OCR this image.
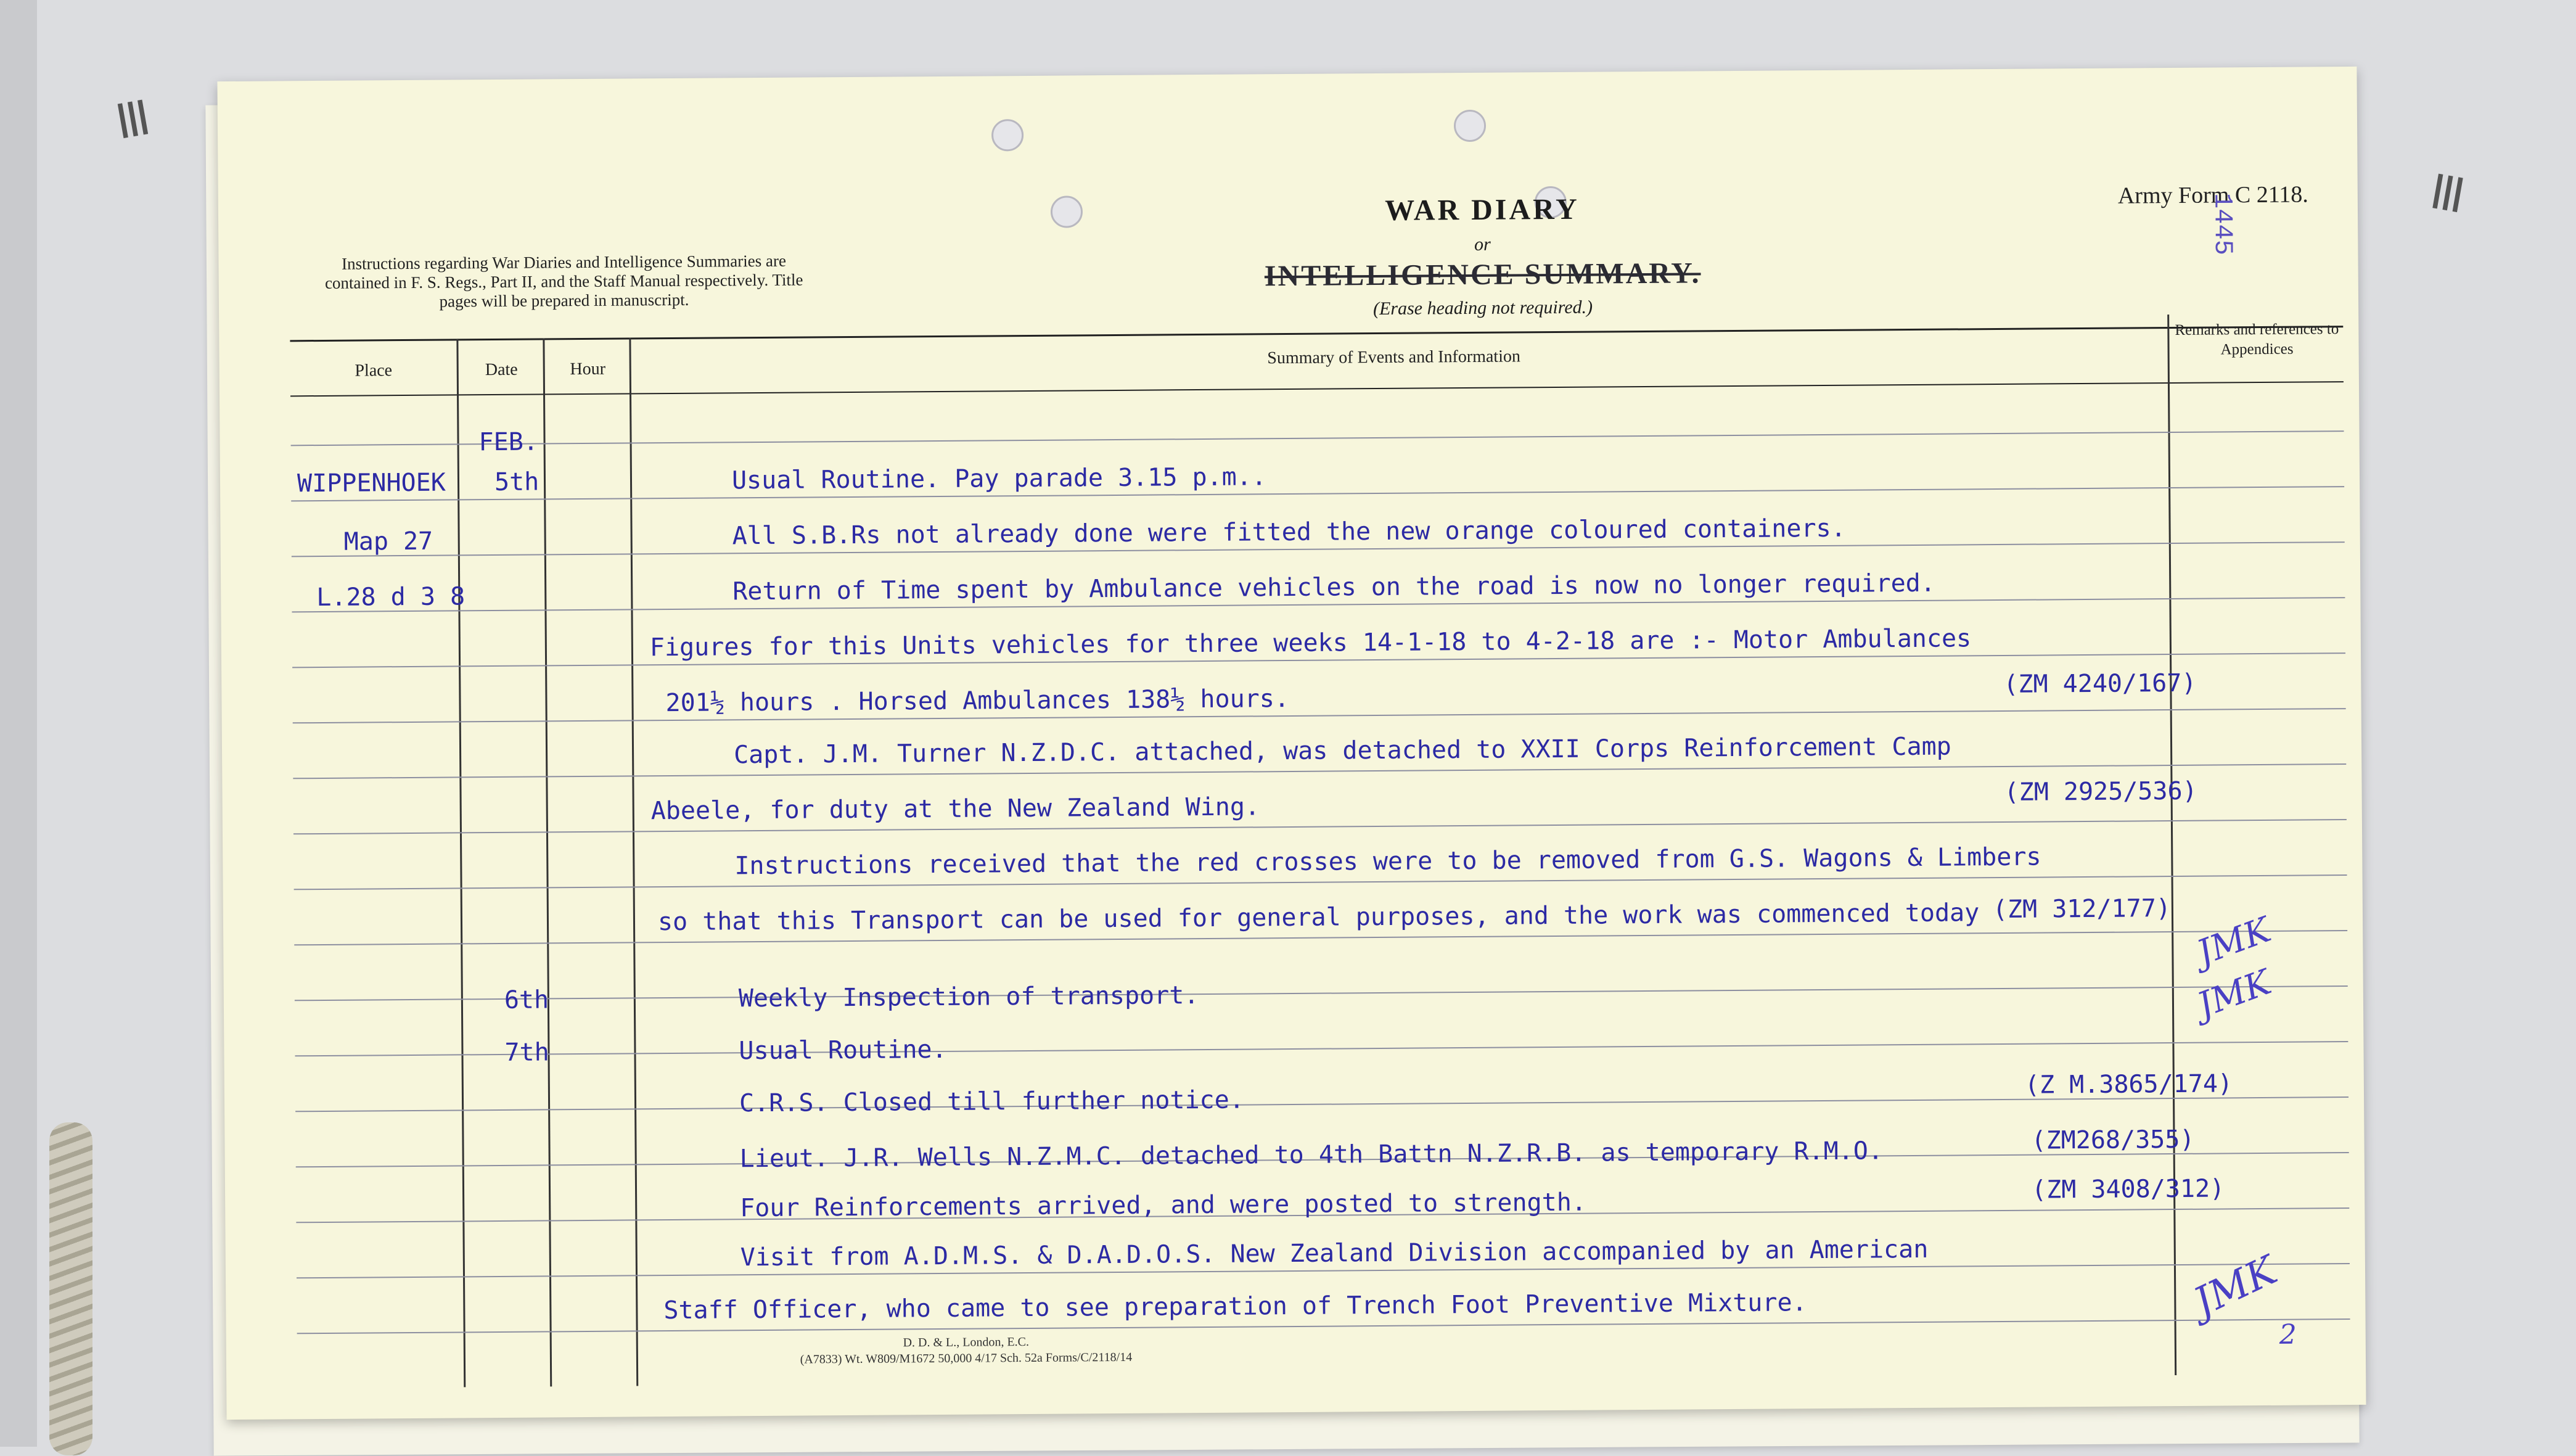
≡
≡
WAR DIARY
or
INTELLIGENCE SUMMARY.
(Erase heading not required.)
Instructions regarding War Diaries and Intelligence Summaries are contained in F. S. Regs., Part II, and the Staff Manual respectively. Title pages will be prepared in manuscript.
Army Form C 2118.
1445
Place	Date	Hour
Summary of Events and Information
Remarks and references to Appendices
WIPPENHOEK
Map 27
L.28 d 3 8
FEB.
5th
6th
7th
Usual Routine. Pay parade 3.15 p.m..
All S.B.Rs not already done were fitted the new orange coloured containers.
Return of Time spent by Ambulance vehicles on the road is now no longer required.
Figures for this Units vehicles for three weeks 14-1-18 to 4-2-18 are :- Motor Ambulances
201½ hours . Horsed Ambulances 138½ hours.
Capt. J.M. Turner N.Z.D.C. attached, was detached to XXII Corps Reinforcement Camp
Abeele, for duty at the New Zealand Wing.
Instructions received that the red crosses were to be removed from G.S. Wagons & Limbers
so that this Transport can be used for general purposes, and the work was commenced today
Weekly Inspection of transport.
Usual Routine.
C.R.S. Closed till further notice.
Lieut. J.R. Wells N.Z.M.C. detached to 4th Battn N.Z.R.B. as temporary R.M.O.
Four Reinforcements arrived, and were posted to strength.
Visit from A.D.M.S. & D.A.D.O.S. New Zealand Division accompanied by an American
Staff Officer, who came to see preparation of Trench Foot Preventive Mixture.
(ZM 4240/167)
(ZM 2925/536)
(ZM 312/177)
(Z M.3865/174)
(ZM268/355)
(ZM 3408/312)
JMK
JMK
JMK
2
D. D. & L., London, E.C.
(A7833) Wt. W809/M1672 50,000 4/17 Sch. 52a Forms/C/2118/14
